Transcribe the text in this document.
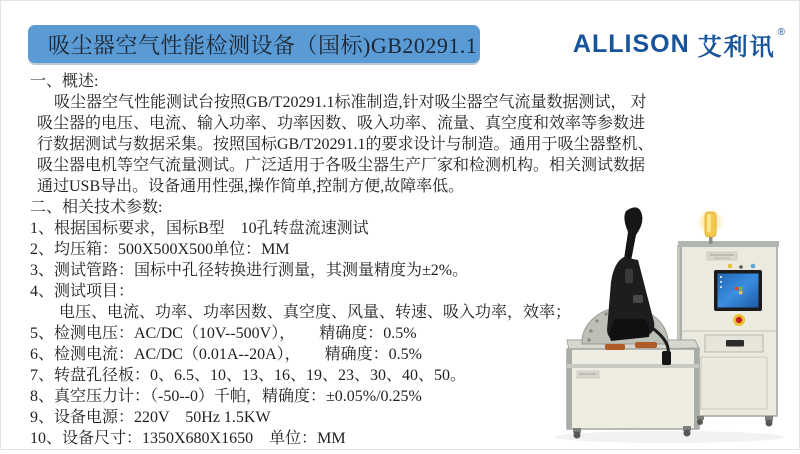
吸尘器空气性能检测设备（国标)GB20291.1	ALLISON 艾利讯
®
一、概述:
吸尘器空气性能测试台按照GB/T20291.1标准制造,针对吸尘器空气流量数据测试， 对
吸尘器的电压、电流、输入功率、功率因数、吸入功率、流量、真空度和效率等参数进
行数据测试与数据采集。按照国标GB/T20291.1的要求设计与制造。通用于吸尘器整机、
吸尘器电机等空气流量测试。广泛适用于各吸尘器生产厂家和检测机构。相关测试数据
通过USB导出。设备通用性强,操作简单,控制方便,故障率低。
二、相关技术参数:
1、根据国标要求，国标B型　10孔转盘流速测试
2、均压箱：500X500X500单位：MM
3、测试管路：国标中孔径转换进行测量，其测量精度为±2%。
4、测试项目：
电压、电流、功率、功率因数、真空度、风量、转速、吸入功率，效率；
5、检测电压：AC/DC（10V--500V），　　精确度：0.5%
6、检测电流：AC/DC（0.01A--20A），　　精确度：0.5%
7、转盘孔径板：0、6.5、10、13、16、19、23、30、40、50。
8、真空压力计：（-50--0）千帕，精确度：±0.05%/0.25%
9、设备电源：220V　50Hz 1.5KW
10、设备尺寸：1350X680X1650　单位：MM
